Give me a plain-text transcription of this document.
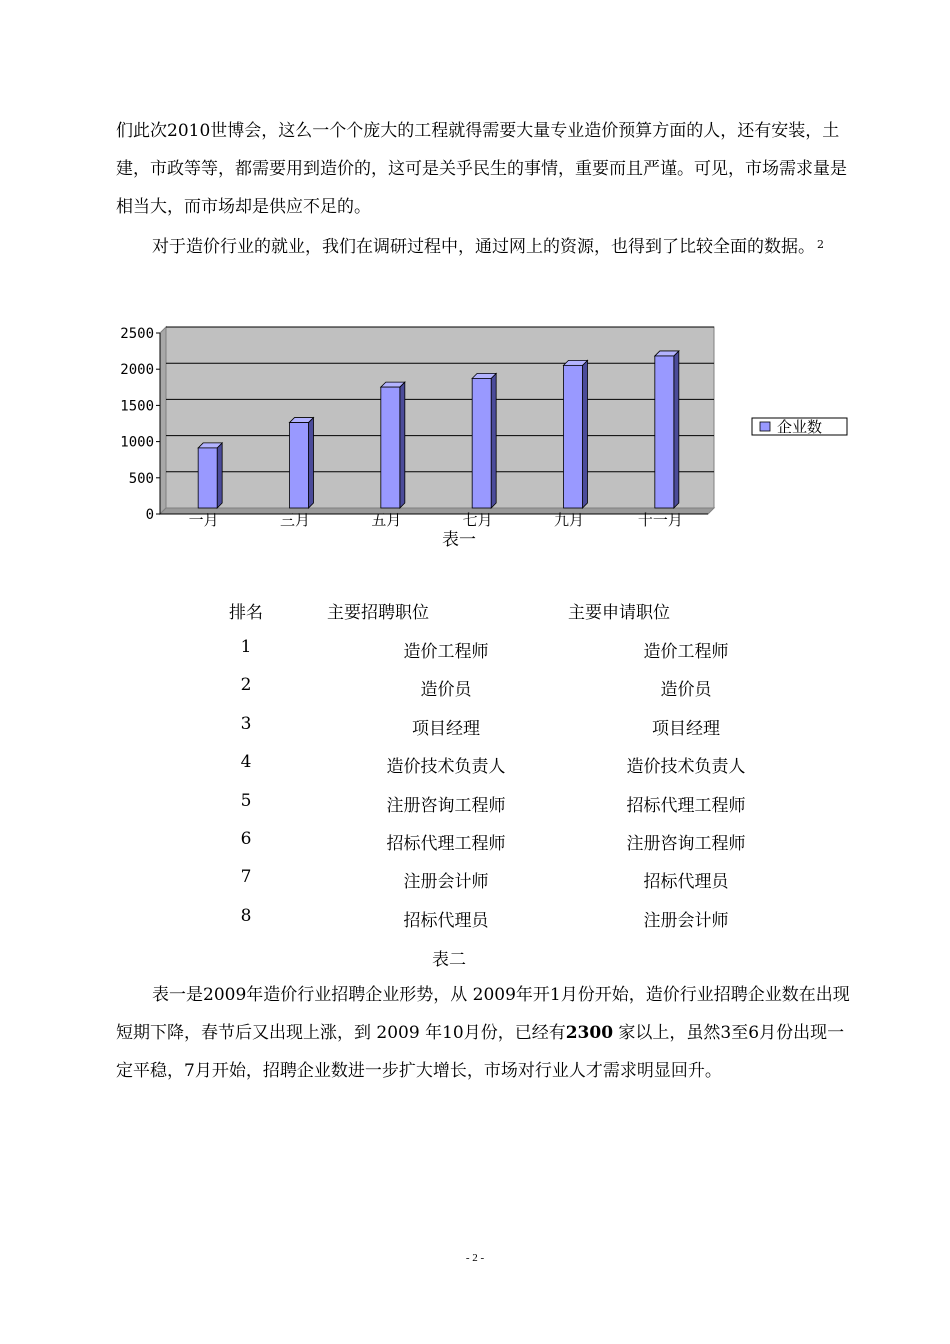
们此次2010世博会，这么一个个庞大的工程就得需要大量专业造价预算方面的人，还有安装，土建，市政等等，都需要用到造价的，这可是关乎民生的事情，重要而且严谨。可见，市场需求量是相当大，而市场却是供应不足的。

对于造价行业的就业，我们在调研过程中，通过网上的资源，也得到了比较全面的数据。 $^2$

0
500
1000
1500
2000
2500
一月	三月	五月	七月	九月	十一月
企业数
表一
排名	主要招聘职位	主要申请职位
1	造价工程师	造价工程师
2	造价员	造价员
3	项目经理	项目经理
4	造价技术负责人	造价技术负责人
5	注册咨询工程师	招标代理工程师
6	招标代理工程师	注册咨询工程师
7	注册会计师	招标代理员
8	招标代理员	注册会计师
表二

表一是2009年造价行业招聘企业形势，从 2009年开1月份开始，造价行业招聘企业数在出现短期下降，春节后又出现上涨，到 2009 年10月份，已经有2300 家以上，虽然3至6月份出现一定平稳，7月开始，招聘企业数进一步扩大增长，市场对行业人才需求明显回升。

- 2 -
